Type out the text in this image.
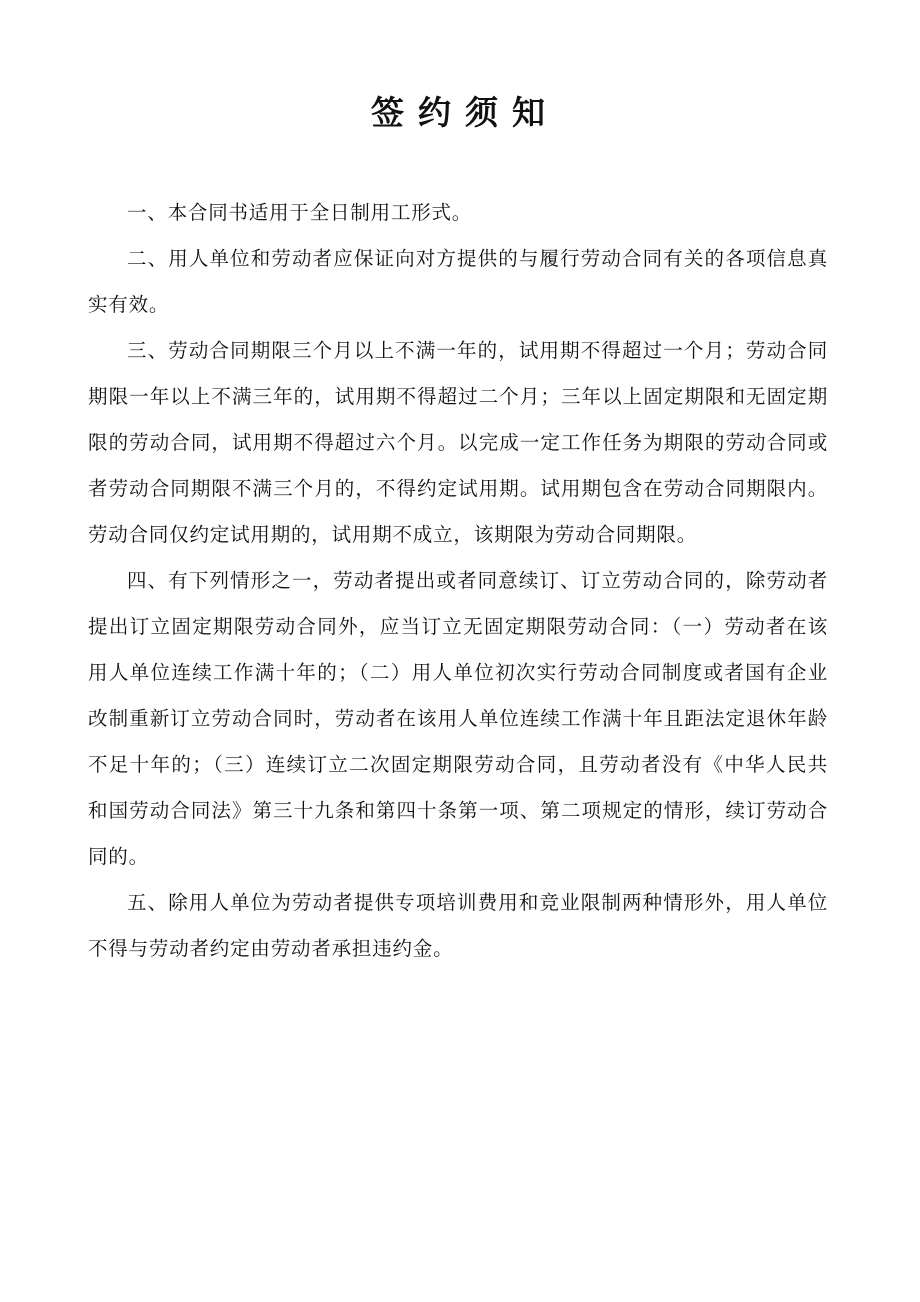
签约须知

一、本合同书适用于全日制用工形式。

二、用人单位和劳动者应保证向对方提供的与履行劳动合同有关的各项信息真实有效。

三、劳动合同期限三个月以上不满一年的，试用期不得超过一个月；劳动合同期限一年以上不满三年的，试用期不得超过二个月；三年以上固定期限和无固定期限的劳动合同，试用期不得超过六个月。以完成一定工作任务为期限的劳动合同或者劳动合同期限不满三个月的，不得约定试用期。试用期包含在劳动合同期限内。劳动合同仅约定试用期的，试用期不成立，该期限为劳动合同期限。

四、有下列情形之一，劳动者提出或者同意续订、订立劳动合同的，除劳动者提出订立固定期限劳动合同外，应当订立无固定期限劳动合同：（一）劳动者在该用人单位连续工作满十年的；（二）用人单位初次实行劳动合同制度或者国有企业改制重新订立劳动合同时，劳动者在该用人单位连续工作满十年且距法定退休年龄不足十年的；（三）连续订立二次固定期限劳动合同，且劳动者没有《中华人民共和国劳动合同法》第三十九条和第四十条第一项、第二项规定的情形，续订劳动合同的。

五、除用人单位为劳动者提供专项培训费用和竞业限制两种情形外，用人单位不得与劳动者约定由劳动者承担违约金。
